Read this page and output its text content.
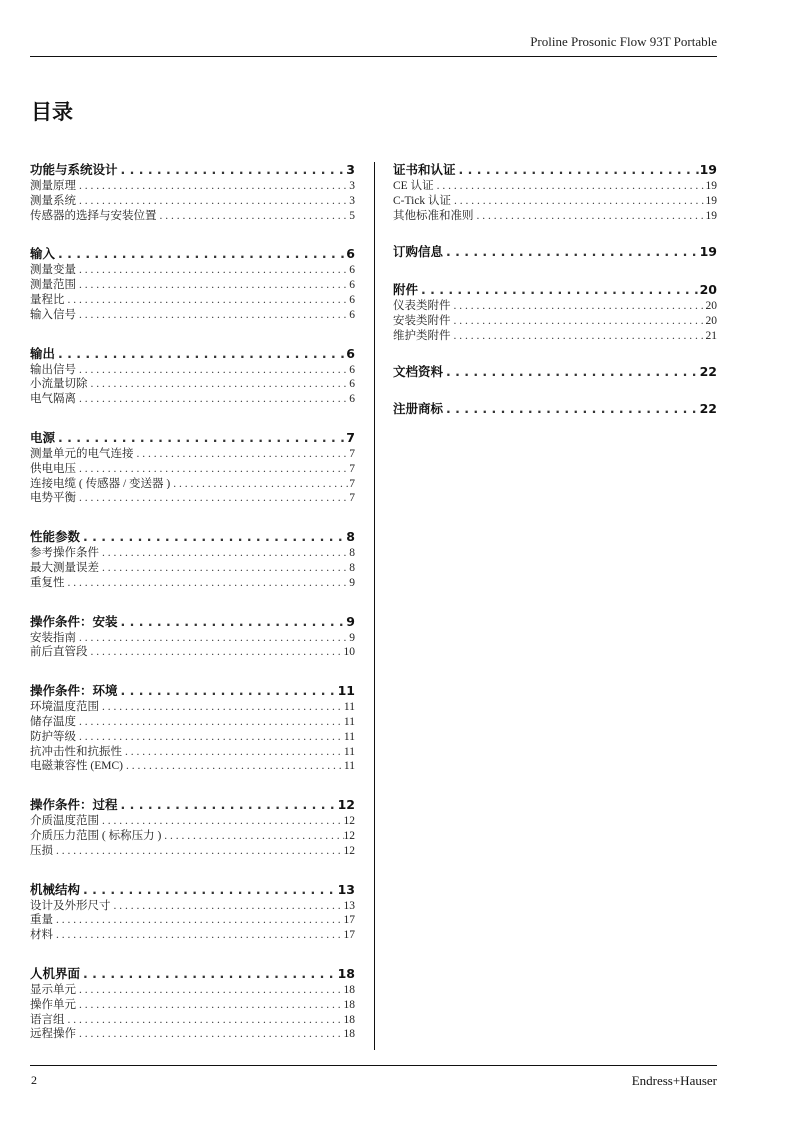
Proline Prosonic Flow 93T Portable
目录
功能与系统设计 . . .	3
测量原理 . . .	3
测量系统 . . .	3
传感器的选择与安装位置 . . .	5
输入 . . .	6
测量变量 . . .	6
测量范围 . . .	6
量程比 . . .	6
输入信号 . . .	6
输出 . . .	6
输出信号 . . .	6
小流量切除 . . .	6
电气隔离 . . .	6
电源 . . .	7
测量单元的电气连接 . . .	7
供电电压 . . .	7
连接电缆 ( 传感器 / 变送器 ) . . .	7
电势平衡 . . .	7
性能参数 . . .	8
参考操作条件 . . .	8
最大测量误差 . . .	8
重复性 . . .	9
操作条件：安装 . . .	9
安装指南 . . .	9
前后直管段 . . .	10
操作条件：环境 . . .	11
环境温度范围 . . .	11
储存温度 . . .	11
防护等级 . . .	11
抗冲击性和抗振性 . . .	11
电磁兼容性 (EMC) . . .	11
操作条件：过程 . . .	12
介质温度范围 . . .	12
介质压力范围 ( 标称压力 ) . . .	12
压损 . . .	12
机械结构 . . .	13
设计及外形尺寸 . . .	13
重量 . . .	17
材料 . . .	17
人机界面 . . .	18
显示单元 . . .	18
操作单元 . . .	18
语言组 . . .	18
远程操作 . . .	18
证书和认证 . . .	19
CE 认证 . . .	19
C-Tick 认证 . . .	19
其他标准和准则 . . .	19
订购信息 . . .	19
附件 . . .	20
仪表类附件 . . .	20
安装类附件 . . .	20
维护类附件 . . .	21
文档资料 . . .	22
注册商标 . . .	22
2	Endress+Hauser
